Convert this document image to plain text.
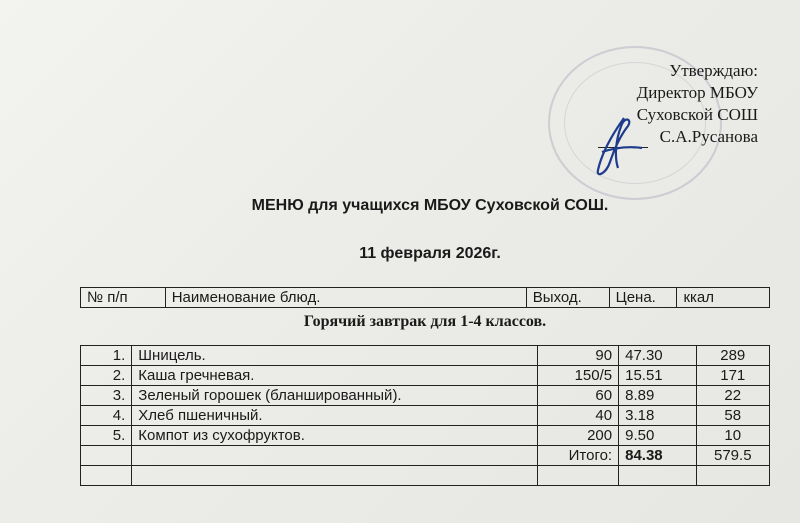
Утверждаю:
Директор МБОУ
Суховской СОШ
С.А.Русанова
МЕНЮ для учащихся МБОУ Суховской СОШ.
11 февраля 2026г.
№ п/п	Наименование блюд.	Выход.	Цена.	ккал
Горячий завтрак для 1-4 классов.
1.	Шницель.	90	47.30	289
2.	Каша гречневая.	150/5	15.51	171
3.	Зеленый горошек (бланшированный).	60	8.89	22
4.	Хлеб пшеничный.	40	3.18	58
5.	Компот из сухофруктов.	200	9.50	10
		Итого:	84.38	579.5
